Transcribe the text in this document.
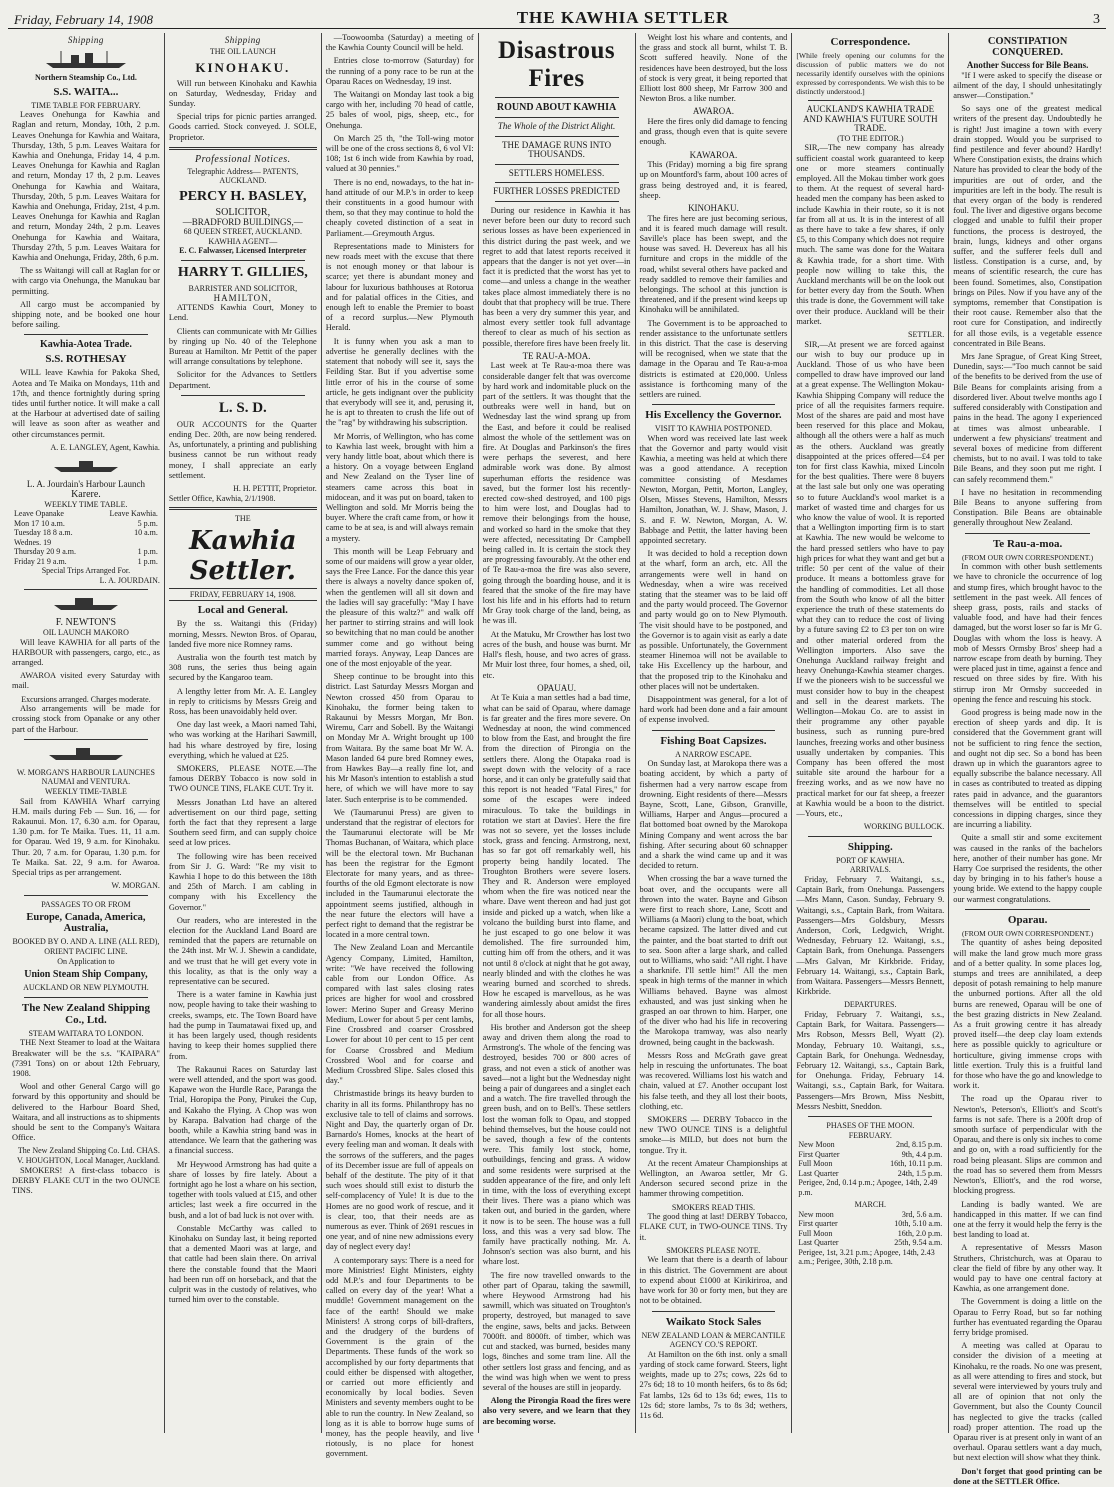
Friday, February 14, 1908	THE KAWHIA SETTLER	3
Shipping

Northern Steamship Co., Ltd.

S.S. WAITA...

TIME TABLE FOR FEBRUARY.

Leaves Onehunga for Kawhia and Raglan and return, Monday, 10th, 2 p.m. Leaves Onehunga for Kawhia and Waitara, Thursday, 13th, 5 p.m. Leaves Waitara for Kawhia and Onehunga, Friday 14, 4 p.m. Leaves Onehunga for Kawhia and Raglan and return, Monday 17 th, 2 p.m. Leaves Onehunga for Kawhia and Waitara, Thursday, 20th, 5 p.m. Leaves Waitara for Kawhia and Onehunga, Friday, 21st, 4 p.m. Leaves Onehunga for Kawhia and Raglan and return, Monday 24th, 2 p.m. Leaves Onehunga for Kawhia and Waitara, Thursday 27th, 5 p.m. Leaves Waitara for Kawhia and Onehunga, Friday, 28th, 6 p.m.

The ss Waitangi will call at Raglan for or with cargo via Onehunga, the Manukau bar permitting.

All cargo must be accompanied by shipping note, and be booked one hour before sailing.

Kawhia-Aotea Trade.
S.S. ROTHESAY

WILL leave Kawhia for Pakoka Shed, Aotea and Te Maika on Mondays, 11th and 17th, and thence fortnightly during spring tides until further notice. It will make a call at the Harbour at advertised date of sailing will leave as soon after as weather and other circumstances permit.

A. E. LANGLEY, Agent, Kawhia.

L. A. Jourdain's Harbour Launch

Karere.

WEEKLY TIME TABLE.

Leave Opanake	Leave Kawhia.
Mon 17 10 a.m.	5 p.m.
Tuesday 18 8 a.m.	10 a.m.
Wednes. 19	
Thursday 20 9 a.m.	1 p.m.
Friday 21 9 a.m.	1 p.m.

Special Trips Arranged For.

L. A. JOURDAIN.

F. NEWTON'S

OIL LAUNCH MAKORO

Will leave KAWHIA for all parts of the HARBOUR with passengers, cargo, etc., as arranged.

AWAROA visited every Saturday with mail.

Excursions arranged. Charges moderate.

Also arrangements will be made for crossing stock from Opanake or any other part of the Harbour.

W. MORGAN'S HARBOUR LAUNCHES NAUMAI and VENTURA.

WEEKLY TIME-TABLE

Sail from KAWHIA Wharf carrying H.M. mails during Feb — Sun. 16, — for Rakaunui. Mon. 17, 6.30 a.m. for Oparau, 1.30 p.m. for Te Maika. Tues. 11, 11 a.m. for Oparau. Wed 19, 9 a.m. for Kinohaku. Thur. 20, 7 a.m. for Oparau, 1.30 p.m. for Te Maika. Sat. 22, 9 a.m. for Awaroa. Special trips as per arrangement.

W. MORGAN.

PASSAGES TO OR FROM

Europe, Canada, America, Australia,

BOOKED BY O. AND A. LINE (ALL RED), ORIENT PACIFIC LINE.

On Application to

Union Steam Ship Company,

AUCKLAND OR NEW PLYMOUTH.

The New Zealand Shipping Co., Ltd.

STEAM WAITARA TO LONDON.

THE Next Steamer to load at the Waitara Breakwater will be the s.s. "KAIPARA" (7391 Tons) on or about 12th February, 1908.

Wool and other General Cargo will go forward by this opportunity and should be delivered to the Harbour Board Shed, Waitara, and all instructions as to shipments should be sent to the Company's Waitara Office.

The New Zealand Shipping Co. Ltd. CHAS. V. HOUGHTON, Local Manager, Auckland.

SMOKERS! A first-class tobacco is DERBY FLAKE CUT in the two OUNCE TINS.

Shipping

THE OIL LAUNCH

KINOHAKU.

Will run between Kinohaku and Kawhia on Saturday, Wednesday, Friday and Sunday.

Special trips for picnic parties arranged. Goods carried. Stock conveyed. J. SOLE, Proprietor.

Professional Notices.

Telegraphic Address— PATENTS, AUCKLAND.

PERCY H. BASLEY,

SOLICITOR,

—BRADFORD BUILDINGS,—

68 QUEEN STREET, AUCKLAND.

KAWHIA AGENT—

E. C. Falwasser, Licensed Interpreter

HARRY T. GILLIES,

BARRISTER AND SOLICITOR,

HAMILTON,

ATTENDS Kawhia Court, Money to Lend.

Clients can communicate with Mr Gillies by ringing up No. 40 of the Telephone Bureau at Hamilton. Mr Pettit of the paper will arrange consultations by telephone.

Solicitor for the Advances to Settlers Department.

L. S. D.

OUR ACCOUNTS for the Quarter ending Dec. 20th, are now being rendered. As, unfortunately, a printing and publishing business cannot be run without ready money, I shall appreciate an early settlement.

H. H. PETTIT, Proprietor.

Settler Office, Kawhia, 2/1/1908.

THE

Kawhia Settler.

FRIDAY, FEBRUARY 14, 1908.

Local and General.

By the ss. Waitangi this (Friday) morning, Messrs. Newton Bros. of Oparau, landed five more nice Romney rams.

Australia won the fourth test match by 308 runs, the series thus being again secured by the Kangaroo team.

A lengthy letter from Mr. A. E. Langley in reply to criticisms by Messrs Greig and Ross, has been unavoidably held over.

One day last week, a Maori named Tahi, who was working at the Harihari Sawmill, had his whare destroyed by fire, losing everything, which he valued at £25.

SMOKERS, PLEASE NOTE.—The famous DERBY Tobacco is now sold in TWO OUNCE TINS, FLAKE CUT. Try it.

Messrs Jonathan Ltd have an altered advertisement on our third page, setting forth the fact that they represent a large Southern seed firm, and can supply choice seed at low prices.

The following wire has been received from Sir J. G. Ward: "Re my visit to Kawhia I hope to do this between the 18th and 25th of March. I am cabling in company with his Excellency the Governor."

Our readers, who are interested in the election for the Auckland Land Board are reminded that the papers are returnable on the 24th inst. Mr W. J. Shewin a candidate, and we trust that he will get every vote in this locality, as that is the only way a representative can be secured.

There is a water famine in Kawhia just now, people having to take their washing to creeks, swamps, etc. The Town Board have had the pump in Taumatawai fixed up, and it has been largely used, though residents having to keep their homes supplied there from.

The Rakaunui Races on Saturday last were well attended, and the sport was good. Kapawe won the Hurdle Race, Paranga the Trial, Horopipa the Pony, Pirukei the Cup, and Kakaho the Flying. A Chop was won by Karapa. Balvation had charge of the booth, while a Kawhia string band was in attendance. We learn that the gathering was a financial success.

Mr Heywood Armstrong has had quite a share of losses by fire lately. About a fortnight ago he lost a whare on his section, together with tools valued at £15, and other articles; last week a fire occurred in the bush, and a lot of bad luck is not over with.

Constable McCarthy was called to Kinohaku on Sunday last, it being reported that a demented Maori was at large, and that cattle had been slain there. On arrival there the constable found that the Maori had been run off on horseback, and that the culprit was in the custody of relatives, who turned him over to the constable.

—Toowoomba (Saturday) a meeting of the Kawhia County Council will be held.

Entries close to-morrow (Saturday) for the running of a pony race to be run at the Oparau Races on Wednesday, 19 inst.

The Waitangi on Monday last took a big cargo with her, including 70 head of cattle, 25 bales of wool, pigs, sheep, etc., for Onehunga.

On March 25 th, "the Toll-wing motor will be one of the cross sections 8, 6 vol VI: 108; 1st 6 inch wide from Kawhia by road, valued at 30 pennies."

There is no end, nowadays, to the hat in-hand attitude of our M.P.'s in order to keep their constituents in a good humour with them, so that they may continue to hold the cheaply coveted distinction of a seat in Parliament.—Greymouth Argus.

Representations made to Ministers for new roads meet with the excuse that there is not enough money or that labour is scarce; yet there is abundant money and labour for luxurious bathhouses at Rotorua and for palatial offices in the Cities, and enough left to enable the Premier to boast of a record surplus.—New Plymouth Herald.

It is funny when you ask a man to advertise he generally declines with the statement that nobody will see it, says the Feilding Star. But if you advertise some little error of his in the course of some article, he gets indignant over the publicity that everybody will see it, and, perusing it, he is apt to threaten to crush the life out of the "rag" by withdrawing his subscription.

Mr Morris, of Wellington, who has come to Kawhia last week, brought with him a very handy little boat, about which there is a history. On a voyage between England and New Zealand on the Tyser line of steamers came across this boat in midocean, and it was put on board, taken to Wellington and sold. Mr Morris being the buyer. Where the craft came from, or how it came to be at sea, is and will always remain a mystery.

This month will be Leap February and some of our maidens will grow a year older, says the Free Lance. For the dance this year there is always a novelty dance spoken of, when the gentlemen will all sit down and the ladies will say gracefully: "May I have the pleasure of this waltz?" and walk off her partner to stirring strains and will look so bewitching that no man could be another summer come and go without being married forays. Anyway, Leap Dances are one of the most enjoyable of the year.

Sheep continue to be brought into this district. Last Saturday Messrs Morgan and Newton crossed 450 from Oparau to Kinohaku, the former being taken to Rakaunui by Messrs Morgan, Mr Bon. Wiremu, Carr and Sobell. By the Waitangi on Monday Mr A. Wright brought up 100 from Waitara. By the same boat Mr W. A. Mason landed 64 pure bred Romney ewes, from Hawkes Bay—a really fine lot, and his Mr Mason's intention to establish a stud here, of which we will have more to say later. Such enterprise is to be commended.

We (Taumarunui Press) are given to understand that the registrar of electors for the Taumarunui electorate will be Mr Thomas Buchanan, of Waitara, which place will be the electoral town. Mr Buchanan has been the registrar for the Egmont Electorate for many years, and as three-fourths of the old Egmont electorate is now included in the Taumarunui electorate the appointment seems justified, although in the near future the electors will have a perfect right to demand that the registrar be located in a more central town.

The New Zealand Loan and Mercantile Agency Company, Limited, Hamilton, write: "We have received the following cable from our London Office. As compared with last sales closing rates prices are higher for wool and crossbred lower: Merino Super and Greasy Merino Medium, Lower for about 5 per cent lambs, Fine Crossbred and coarser Crossbred Lower for about 10 per cent to 15 per cent for Coarse Crossbred and Medium Crossbred Wool and for coarse and Medium Crossbred Slipe. Sales closed this day."

Christmastide brings its heavy burden to charity in all its forms. Philanthropy has no exclusive tale to tell of claims and sorrows. Night and Day, the quarterly organ of Dr. Barnardo's Homes, knocks at the heart of every feeling man and woman. It deals with the sorrows of the sufferers, and the pages of its December issue are full of appeals on behalf of the destitute. The pity of it that such woes should still exist to disturb the self-complacency of Yule! It is due to the Homes are no good work of rescue, and it is clear, too, that their needs are as numerous as ever. Think of 2691 rescues in one year, and of nine new admissions every day of neglect every day!

A contemporary says: There is a need for more Ministries! Eight Ministers, eighty odd M.P.'s and four Departments to be called on every day of the year! What a muddle! Government management on the face of the earth! Should we make Ministers! A strong corps of bill-drafters, and the drudgery of the burdens of Government is the grain of the Departments. These funds of the work so accomplished by our forty departments that could either be dispensed with altogether, or carried out more efficiently and economically by local bodies. Seven Ministers and seventy members ought to be able to run the country. In New Zealand, so long as it is able to borrow huge sums of money, has the people heavily, and live riotously, is no place for honest government.

Disastrous Fires
ROUND ABOUT KAWHIA

The Whole of the District Alight.

THE DAMAGE RUNS INTO THOUSANDS.

SETTLERS HOMELESS.

FURTHER LOSSES PREDICTED

During our residence in Kawhia it has never before been our duty to record such serious losses as have been experienced in this district during the past week, and we regret to add that latest reports received it appears that the danger is not yet over—in fact it is predicted that the worst has yet to come—and unless a change in the weather takes place almost immediately there is no doubt that that prophecy will be true. There has been a very dry summer this year, and almost every settler took full advantage thereof to clear as much of his section as possible, therefore fires have been freely lit.

TE RAU-A-MOA.

Last week at Te Rau-a-moa there was considerable danger felt that was overcome by hard work and indomitable pluck on the part of the settlers. It was thought that the outbreaks were well in hand, but on Wednesday last the wind sprang up from the East, and before it could be realised almost the whole of the settlement was on fire. At Douglas and Parkinson's the fires were perhaps the severest, and here admirable work was done. By almost superhuman efforts the residence was saved, but the former lost his recently-erected cow-shed destroyed, and 100 pigs to him were lost, and Douglas had to remove their belongings from the house, and worked so hard in the smoke that they were affected, necessitating Dr Campbell being called in. It is certain the stock they are progressing favourably. At the other end of Te Rau-a-moa the fire was also severe, going through the boarding house, and it is feared that the smoke of the fire may have lost his life and in his efforts had to return Mr Gray took charge of the land, being, as he was ill.

At the Matuku, Mr Crowther has lost two acres of the bush, and house was burnt. Mr Hall's flesh, house, and two acres of grass. Mr Muir lost three, four homes, a shed, oil, etc.

OPAUAU.

At Te Kuia a man settles had a bad time, what can be said of Oparau, where damage is far greater and the fires more severe. On Wednesday at noon, the wind commenced to blow from the East, and brought the fire from the direction of Pirongia on the settlers there. Along the Otapaka road is swept down with the velocity of a race horse, and it can only be gratefully said that this report is not headed "Fatal Fires," for some of the escapes were indeed miraculous. To take the buildings in rotation we start at Davies'. Here the fire was not so severe, yet the losses include stock, grass and fencing. Armstrong, next, has so far got off remarkably well, his property being handily located. The Troughton Brothers were severe losers. They and R. Anderson were employed whom when the fire was noticed near the whare. Dave went thereon and had just got inside and picked up a watch, when like a volcano the building burst into flame, and he just escaped to go one below it was demolished. The fire surrounded him, cutting him off from the others, and it was not until 8 o'clock at night that he got away, nearly blinded and with the clothes he was wearing burned and scorched to shreds. How he escaped is marvellous, as he was wandering aimlessly about amidst the fires for all those hours.

His brother and Anderson got the sheep away and driven them along the road to Armstrong's. The whole of the fencing was destroyed, besides 700 or 800 acres of grass, and not even a stick of another was saved—not a light but the Wednesday night being a pair of dungarees and a singlet each and a watch. The fire travelled through the green bush, and on to Bell's. These settlers lost the woman folk to Opau, and stopped behind themselves, but the house could not be saved, though a few of the contents were. This family lost stock, home, outbuildings, fencing and grass. A widow and some residents were surprised at the sudden appearance of the fire, and only left in time, with the loss of everything except their lives. There was a piano which was taken out, and buried in the garden, where it now is to be seen. The house was a full loss, and this was a very sad blow. The family have practically nothing. Mr. A. Johnson's section was also burnt, and his whare lost.

The fire now travelled onwards to the other part of Oparau, taking the sawmill, where Heywood Armstrong had his sawmill, which was situated on Troughton's property, destroyed, but managed to save the engine, saws, belts and jacks. Between 7000ft. and 8000ft. of timber, which was cut and stacked, was burned, besides many logs, 8inches and some tram line. All the other settlers lost grass and fencing, and as the wind was high when we went to press several of the houses are still in jeopardy.

Along the Pirongia Road the fires were also very severe, and we learn that they are becoming worse.

Weight lost his whare and contents, and the grass and stock all burnt, whilst T. B. Scott suffered heavily. None of the residences have been destroyed, but the loss of stock is very great, it being reported that Elliott lost 800 sheep, Mr Farrow 300 and Newton Bros. a like number.

AWAROA.

Here the fires only did damage to fencing and grass, though even that is quite severe enough.

KAWAROA.

This (Friday) morning a big fire sprang up on Mountford's farm, about 100 acres of grass being destroyed and, it is feared, sheep.

KINOHAKU.

The fires here are just becoming serious, and it is feared much damage will result. Saville's place has been swept, and the house was saved. H. Devereux has all his furniture and crops in the middle of the road, whilst several others have packed and ready saddled to remove their families and belongings. The school at this junction is threatened, and if the present wind keeps up Kinohaku will be annihilated.

The Government is to be approached to render assistance to the unfortunate settlers in this district. That the case is deserving will be recognised, when we state that the damage in the Oparau and Te Rau-a-moa districts is estimated at £20,000. Unless assistance is forthcoming many of the settlers are ruined.

His Excellency the Governor.

VISIT TO KAWHIA POSTPONED.

When word was received late last week that the Governor and party would visit Kawhia, a meeting was held at which there was a good attendance. A reception committee consisting of Mesdames Newton, Morgan, Pettit, Morton, Langley, Olsen, Misses Stevens, Hamilton, Messrs Hamilton, Jonathan, W. J. Shaw, Mason, J. S. and F. W. Newton, Morgan, A. W. Babbage and Pettit, the latter having been appointed secretary.

It was decided to hold a reception down at the wharf, form an arch, etc. All the arrangements were well in hand on Wednesday, when a wire was received stating that the steamer was to be laid off and the party would proceed. The Governor and party would go on to New Plymouth. The visit should have to be postponed, and the Governor is to again visit as early a date as possible. Unfortunately, the Government steamer Hinemoa will not be available to take His Excellency up the harbour, and that the proposed trip to the Kinohaku and other places will not be undertaken.

Disappointment was general, for a lot of hard work had been done and a fair amount of expense involved.

Fishing Boat Capsizes.

A NARROW ESCAPE.

On Sunday last, at Marokopa there was a boating accident, by which a party of fishermen had a very narrow escape from drowning. Eight residents of there—Messrs Bayne, Scott, Lane, Gibson, Granville, Williams, Harper and Angus—procured a flat bottomed boat owned by the Marokopa Mining Company and went across the bar fishing. After securing about 60 schnapper and a shark the wind came up and it was decided to return.

When crossing the bar a wave turned the boat over, and the occupants were all thrown into the water. Bayne and Gibson were first to reach shore, Lane, Scott and Williams (a Maori) clung to the boat, which became capsized. The latter dived and cut the painter, and the boat started to drift out to sea. Soon after a large shark, and called out to Williams, who said: "All right. I have a sharknife. I'll settle him!" All the men speak in high terms of the manner in which Williams behaved. Bayne was almost exhausted, and was just sinking when he grasped an oar thrown to him. Harper, one of the diver who had his life in recovering the Marokopa tramway, was also nearly drowned, being caught in the backwash.

Messrs Ross and McGrath gave great help in rescuing the unfortunates. The boat was recovered. Williams lost his watch and chain, valued at £7. Another occupant lost his false teeth, and they all lost their boots, clothing, etc.

SMOKERS — DERBY Tobacco in the new TWO OUNCE TINS is a delightful smoke—is MILD, but does not burn the tongue. Try it.

At the recent Amateur Championships at Wellington, an Awaroa settler, Mr G. Anderson secured second prize in the hammer throwing competition.

SMOKERS READ THIS.

The good thing at last! DERBY Tobacco, FLAKE CUT, in TWO-OUNCE TINS. Try it.

SMOKERS PLEASE NOTE.

We learn that there is a dearth of labour in this district. The Government are about to expend about £1000 at Kirikiriroa, and have work for 30 or forty men, but they are not to be obtained.

Waikato Stock Sales

NEW ZEALAND LOAN & MERCANTILE AGENCY CO.'S REPORT.

At Hamilton on the 6th inst. only a small yarding of stock came forward. Steers, light weights, made up to 27s; cows, 22s 6d to 27s 6d; 18 to 10 month heifers, 6s to 8s 6d; Fat lambs, 12s 6d to 13s 6d; ewes, 11s to 12s 6d; store lambs, 7s to 8s 3d; wethers, 11s 6d.

Correspondence.

[While freely opening our columns for the discussion of public matters we do not necessarily identify ourselves with the opinions expressed by correspondents. We wish this to be distinctly understood.]

AUCKLAND'S KAWHIA TRADE AND KAWHIA'S FUTURE SOUTH TRADE.

(TO THE EDITOR.)

SIR,—The new company has already sufficient coastal work guaranteed to keep one or more steamers continually employed. All the Mokau timber work goes to them. At the request of several hard-headed men the company has been asked to include Kawhia in their route, so it is not far from all at us. It is in the interest of all as there have to take a few shares, if only £5, to this Company which does not require much. The same was done for the Waitara & Kawhia trade, for a short time. With people now willing to take this, the Auckland merchants will be on the look out for better every day from the South. When this trade is done, the Government will take over their produce. Auckland will be their market.

SETTLER.

SIR,—At present we are forced against our wish to buy our produce up in Auckland. Those of us who have been compelled to draw have improved our land at a great expense. The Wellington Mokau-Kawhia Shipping Company will reduce the price of all the requisites farmers require. Most of the shares are paid and most have been reserved for this place and Mokau, although all the others were a half as much as the others. Auckland was greatly disappointed at the prices offered—£4 per ton for first class Kawhia, mixed Lincoln for the best qualities. There were 8 buyers at the last sale but only one was operating so to future Auckland's wool market is a market of wasted time and charges for us who know the value of wool. It is reported that a Wellington importing firm is to start at Kawhia. The new would be welcome to the hard pressed settlers who have to pay high prices for what they want and get but a trifle: 50 per cent of the value of their produce. It means a bottomless grave for the handling of commodities. Let all those from the South who know of all the bitter experience the truth of these statements do what they can to reduce the cost of living by a future saving £2 to £3 per ton on wire and other material ordered from the Wellington importers. Also save the Onehunga Auckland railway freight and heavy Onehunga-Kawhia steamer charges. If we the pioneers wish to be successful we must consider how to buy in the cheapest and sell in the dearest markets. The Wellington—Mokau Co. are to assist in their programme any other payable business, such as running pure-bred launches, freezing works and other business usually undertaken by companies. This Company has been offered the most suitable site around the harbour for a freezing works, and as we now have no practical market for our fat sheep, a freezer at Kawhia would be a boon to the district.—Yours, etc.,

WORKING BULLOCK.

Shipping.

PORT OF KAWHIA.

ARRIVALS.

Friday, February 7. Waitangi, s.s., Captain Bark, from Onehunga. Passengers—Mrs Mann, Cason. Sunday, February 9. Waitangi, s.s., Captain Bark, from Waitara. Passengers—Mrs Goldsbury, Messrs Anderson, Cork, Ledgwich, Wright. Wednesday, February 12. Waitangi, s.s., Captain Bark, from Onehunga. Passengers—Mrs Galvan, Mr Kirkbride. Friday, February 14. Waitangi, s.s., Captain Bark, from Waitara. Passengers—Messrs Bennett, Kirkbride.

DEPARTURES.

Friday, February 7. Waitangi, s.s., Captain Bark, for Waitara. Passengers—Mrs Robson, Messrs Bell, Wyatt (2). Monday, February 10. Waitangi, s.s., Captain Bark, for Onehunga. Wednesday, February 12. Waitangi, s.s., Captain Bark, for Onehunga. Friday, February 14. Waitangi, s.s., Captain Bark, for Waitara. Passengers—Mrs Brown, Miss Nesbitt, Messrs Nesbitt, Sneddon.

PHASES OF THE MOON.

FEBRUARY.

New Moon	2nd, 8.15 p.m.
First Quarter	9th, 4.4 p.m.
Full Moon	16th, 10.11 p.m.
Last Quarter	24th, 1.5 p.m.
Perigee, 2nd, 0.14 p.m.; Apogee, 14th, 2.49 p.m.	

MARCH.

New moon	3rd, 5.6 a.m.
First quarter	10th, 5.10 a.m.
Full Moon	16th, 2.0 p.m.
Last Quarter	25th, 9.54 a.m.
Perigee, 1st, 3.21 p.m.; Apogee, 14th, 2.43 a.m.; Perigee, 30th, 2.18 p.m.	
CONSTIPATION CONQUERED.

Another Success for Bile Beans.

"If I were asked to specify the disease or ailment of the day, I should unhesitatingly answer—Constipation."

So says one of the greatest medical writers of the present day. Undoubtedly he is right! Just imagine a town with every drain stopped. Would you be surprised to find pestilence and fever abound? Hardly! Where Constipation exists, the drains which Nature has provided to clear the body of the impurities are out of order, and the impurities are left in the body. The result is that every organ of the body is rendered foul. The liver and digestive organs become clogged and unable to fulfil their proper functions, the process is destroyed, the brain, lungs, kidneys and other organs suffer, and the sufferer feels dull and listless. Constipation is a curse, and, by means of scientific research, the cure has been found. Sometimes, also, Constipation brings on Piles. Now if you have any of the symptoms, remember that Constipation is their root cause. Remember also that the root cure for Constipation, and indirectly for all those evils, is a vegetable essence concentrated in Bile Beans.

Mrs Jane Sprague, of Great King Street, Dunedin, says:—"Too much cannot be said of the benefits to be derived from the use of Bile Beans for complaints arising from a disordered liver. About twelve months ago I suffered considerably with Constipation and pains in the head. The agony I experienced at times was almost unbearable. I underwent a few physicians' treatment and several boxes of medicine from different chemists, but to no avail. I was told to take Bile Beans, and they soon put me right. I can safely recommend them."

I have no hesitation in recommending Bile Beans to anyone suffering from Constipation. Bile Beans are obtainable generally throughout New Zealand.

Te Rau-a-moa.

(FROM OUR OWN CORRESPONDENT.)

In common with other bush settlements we have to chronicle the occurrence of log and stump fires, which brought havoc to the settlement in the past week. All fences of sheep grass, posts, rails and stacks of valuable food, and have had their fences damaged, but the worst loser so far is Mr G. Douglas with whom the loss is heavy. A mob of Messrs Ormsby Bros' sheep had a narrow escape from death by burning. They were placed just in time, against a fence and rescued on three sides by fire. With his stirrup iron Mr Ormsby succeeded in opening the fence and rescuing his stock.

Good progress is being made now in the erection of sheep yards and dip. It is considered that the Government grant will not be sufficient to ring fence the section, and ought not dip sec. So a bond has been drawn up in which the guarantors agree to equally subscribe the balance necessary. All in cases as contributed to treated as dipping rates paid in advance, and the guarantors themselves will be entitled to special concessions in dipping charges, since they are incurring a liability.

Quite a small stir and some excitement was caused in the ranks of the bachelors here, another of their number has gone. Mr Harry Coe surprised the residents, the other day by bringing in to his father's house a young bride. We extend to the happy couple our warmest congratulations.

Oparau.

(FROM OUR OWN CORRESPONDENT.)

The quantity of ashes being deposited will make the land grow much more grass and of a better quality. In some places log, stumps and trees are annihilated, a deep deposit of potash remaining to help manure the unburned portions. After all the old burns are renewed, Oparau will be one of the best grazing districts in New Zealand. As a fruit growing centre it has already proved itself—the deep clay loam extends here as possible quickly to agriculture or horticulture, giving immense crops with little exertion. Truly this is a fruitful land for those who have the go and knowledge to work it.

The road up the Oparau river to Newton's, Peterson's, Elliott's and Scott's farms is not safe. There is a 200ft drop of smooth surface of perpendicular with the Oparau, and there is only six inches to come and go on, with a road sufficiently for the road being pleasant. Slips are common and the road has so severed them from Messrs Newton's, Elliott's, and the rod worse, blocking progress.

Landing is badly wanted. We are handicapped in this matter. If we can find one at the ferry it would help the ferry is the best landing to load at.

A representative of Messrs Mason Struthers, Christchurch, was at Oparau to clear the field of fibre by any other way. It would pay to have one central factory at Kawhia, as one arrangement done.

The Government is doing a little on the Oparau to Ferry Road, but so far nothing further has eventuated regarding the Oparau ferry bridge promised.

A meeting was called at Oparau to consider the division of a meeting at Kinohaku, re the roads. No one was present, as all were attending to fires and stock, but several were interviewed by yours truly and all are of opinion that not only the Government, but also the County Council has neglected to give the tracks (called road) proper attention. The road up the Oparau river is at present only in want of an overhaul. Oparau settlers want a day much, but next election will show what they think.

Don't forget that good printing can be done at the SETTLER Office.
